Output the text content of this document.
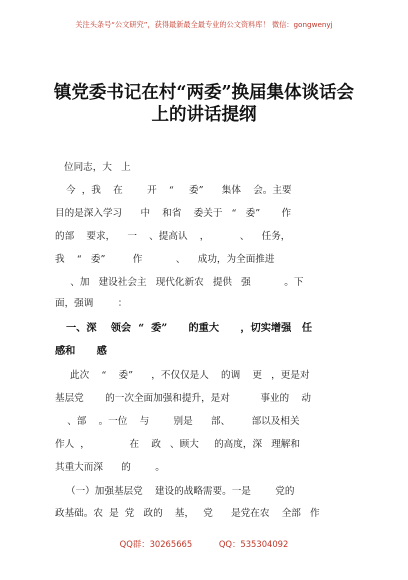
关注头条号“公文研究”，获得最新最全最专业的公文资料库！ 微信：gongwenyj
镇党委书记在村“两委”换届集体谈话会
上的讲话提纲
位同志，大   上
今  ，我    在        开    “     委”      集体    会。主要
目的是深入学习      中    和省    委关于   “   委”       作
的部    要求，    一    、提高认    ，          、    任务，
我    “   委”         作           、    成功，为全面推进
、加   建设社会主   现代化新农   提供   强           。下
面，强调        ：
一、深    领会  “  委”      的重大      ，切实增强   任
感和      感
此次    “    委”      ，不仅仅是人    的调    更   ，更是对
基层党       的一次全面加强和提升，是对          事业的    动
、部    。一位    与        别是      部、       部以及相关
作人  ，             在    政   、顾大     的高度，深   理解和
其重大而深      的        。
（一）加强基层党    建设的战略需要。一是        党的
政基础。农  是  党   政的    基，   党      是党在农    全部   作
QQ群：30265665          QQ：535304092
